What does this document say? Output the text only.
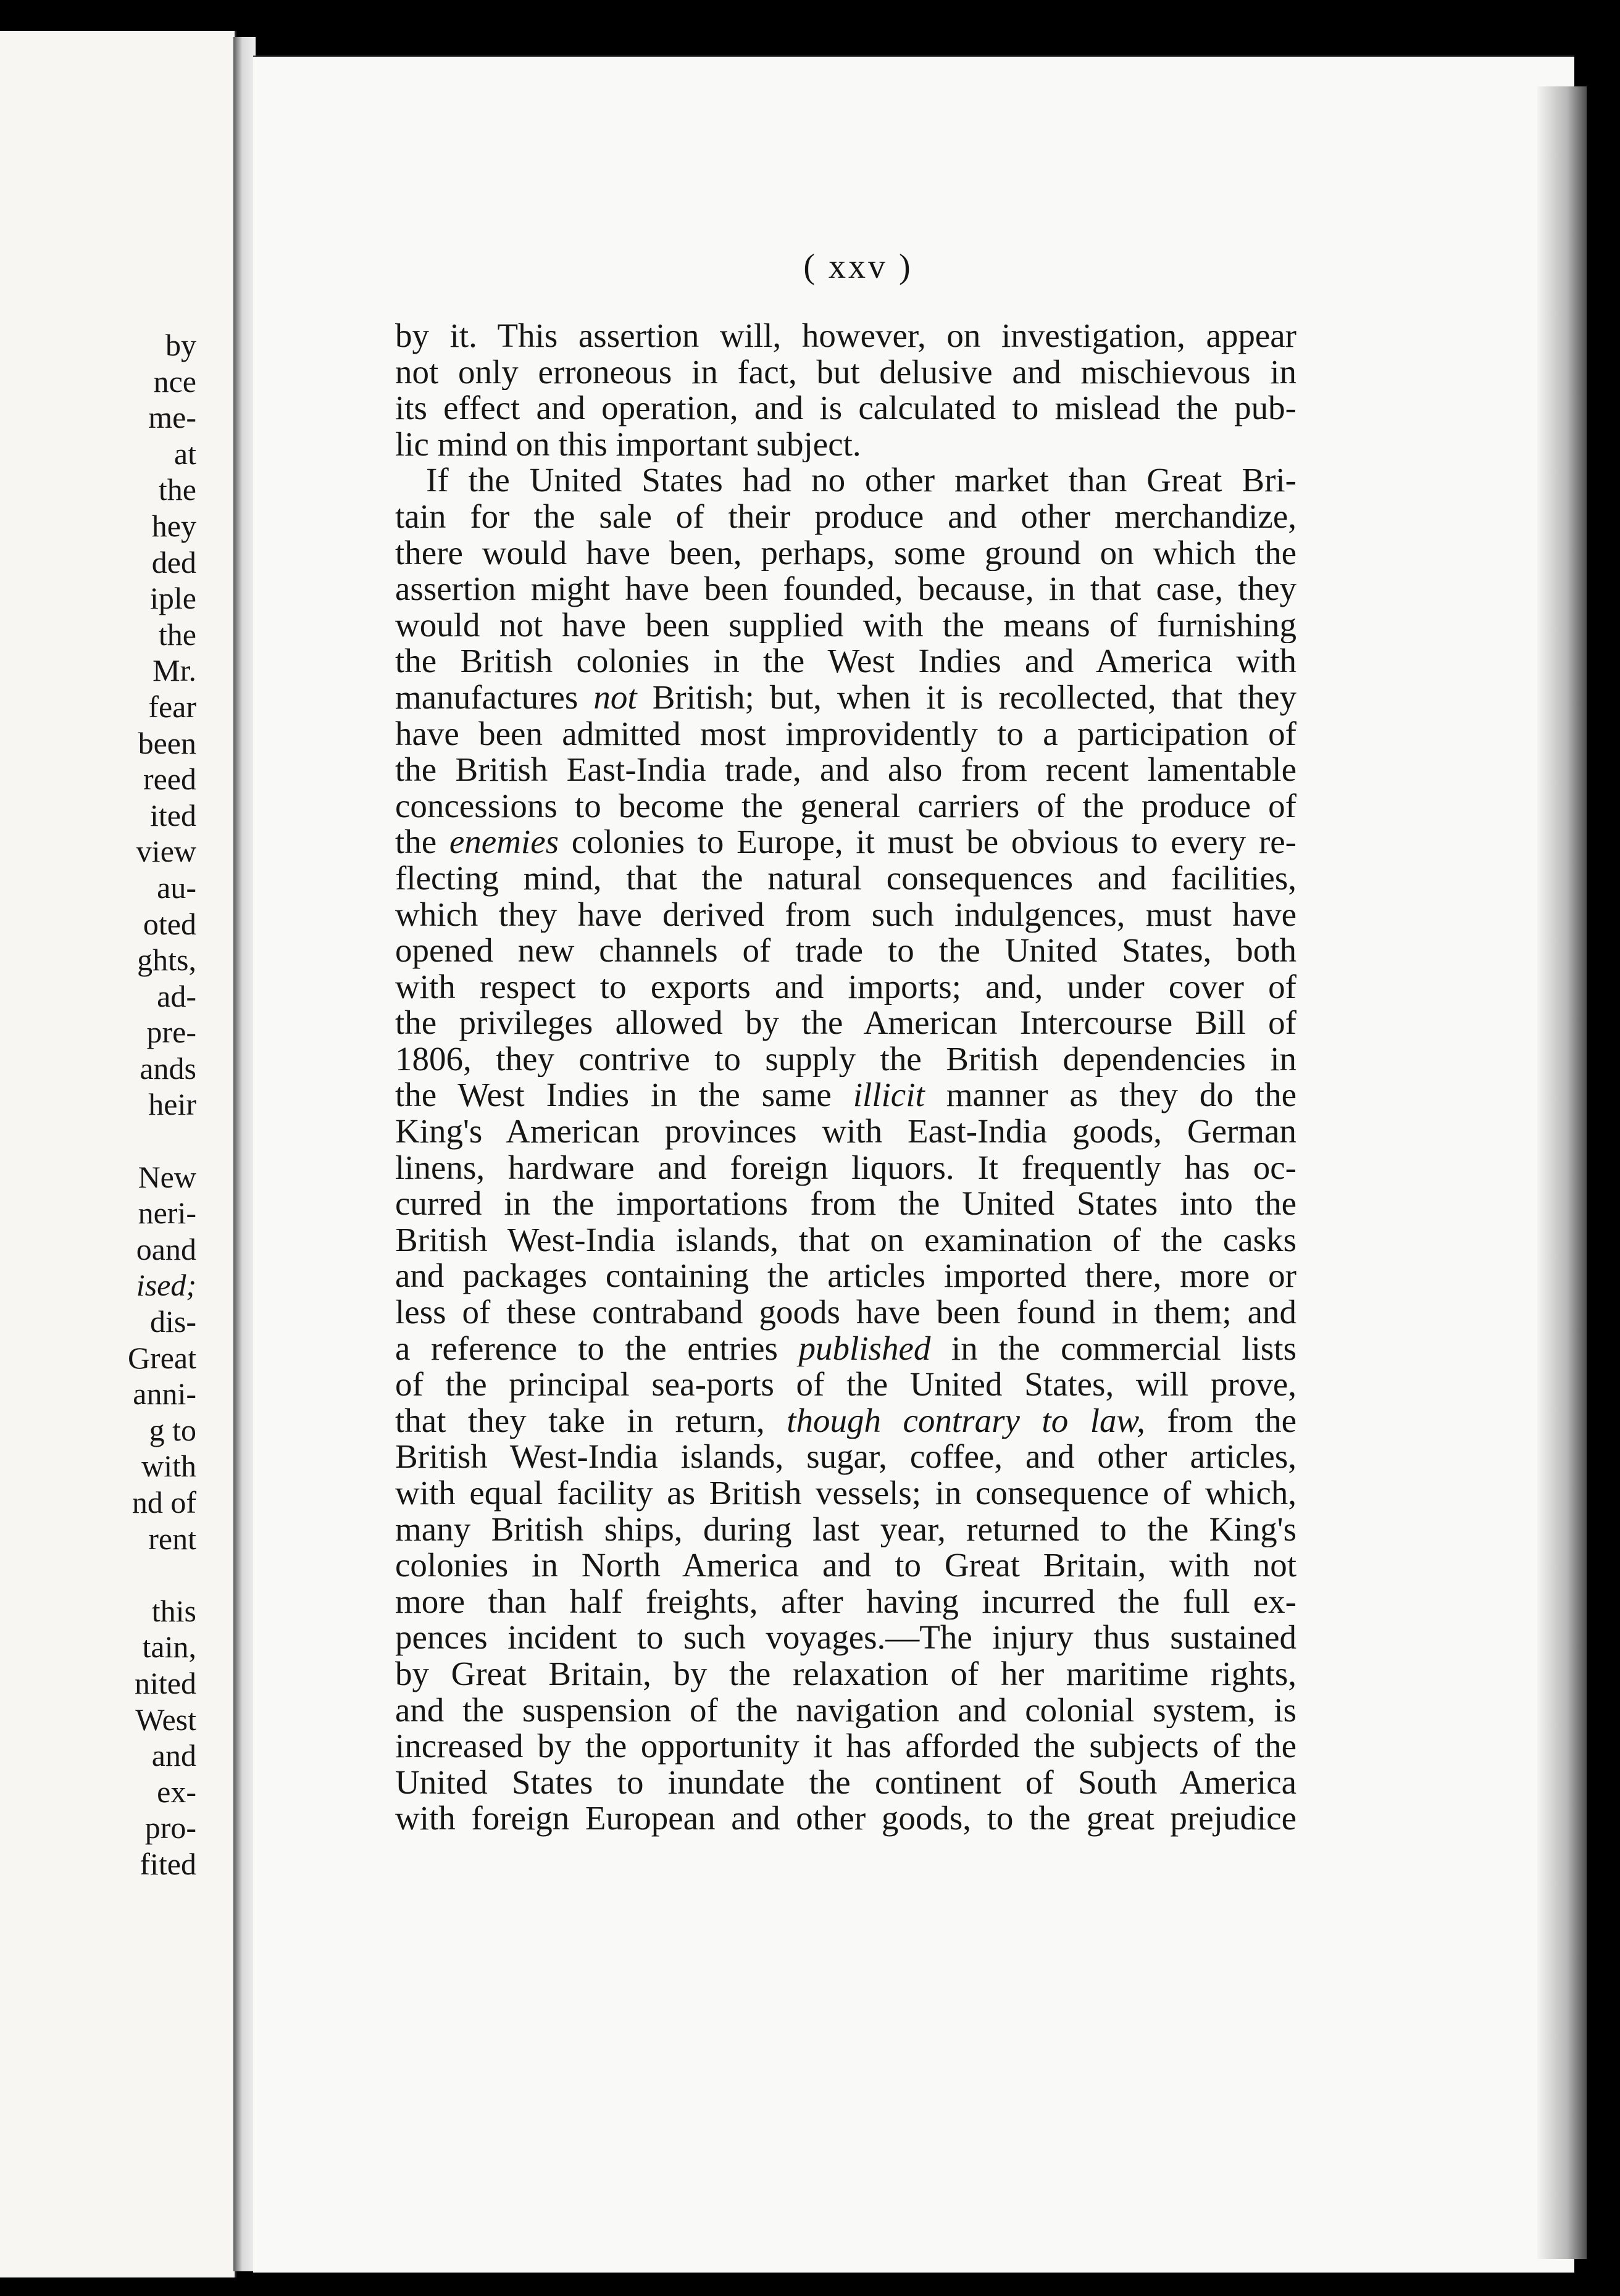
by
nce
me-
at
the
hey
ded
iple
the
Mr.
fear
been
reed
ited
view
au-
oted
ghts,
ad-
pre-
ands
heir
New
neri-
oand
ised;
dis-
Great
anni-
g to
with
nd of
rent
this
tain,
nited
West
and
ex-
pro-
fited
( xxv )
by it. This assertion will, however, on investigation, appear
not only erroneous in fact, but delusive and mischievous in
its effect and operation, and is calculated to mislead the pub-
lic mind on this important subject.
If the United States had no other market than Great Bri-
tain for the sale of their produce and other merchandize,
there would have been, perhaps, some ground on which the
assertion might have been founded, because, in that case, they
would not have been supplied with the means of furnishing
the British colonies in the West Indies and America with
manufactures not British; but, when it is recollected, that they
have been admitted most improvidently to a participation of
the British East-India trade, and also from recent lamentable
concessions to become the general carriers of the produce of
the enemies colonies to Europe, it must be obvious to every re-
flecting mind, that the natural consequences and facilities,
which they have derived from such indulgences, must have
opened new channels of trade to the United States, both
with respect to exports and imports; and, under cover of
the privileges allowed by the American Intercourse Bill of
1806, they contrive to supply the British dependencies in
the West Indies in the same illicit manner as they do the
King's American provinces with East-India goods, German
linens, hardware and foreign liquors. It frequently has oc-
curred in the importations from the United States into the
British West-India islands, that on examination of the casks
and packages containing the articles imported there, more or
less of these contraband goods have been found in them; and
a reference to the entries published in the commercial lists
of the principal sea-ports of the United States, will prove,
that they take in return, though contrary to law, from the
British West-India islands, sugar, coffee, and other articles,
with equal facility as British vessels; in consequence of which,
many British ships, during last year, returned to the King's
colonies in North America and to Great Britain, with not
more than half freights, after having incurred the full ex-
pences incident to such voyages.—The injury thus sustained
by Great Britain, by the relaxation of her maritime rights,
and the suspension of the navigation and colonial system, is
increased by the opportunity it has afforded the subjects of the
United States to inundate the continent of South America
with foreign European and other goods, to the great prejudice
